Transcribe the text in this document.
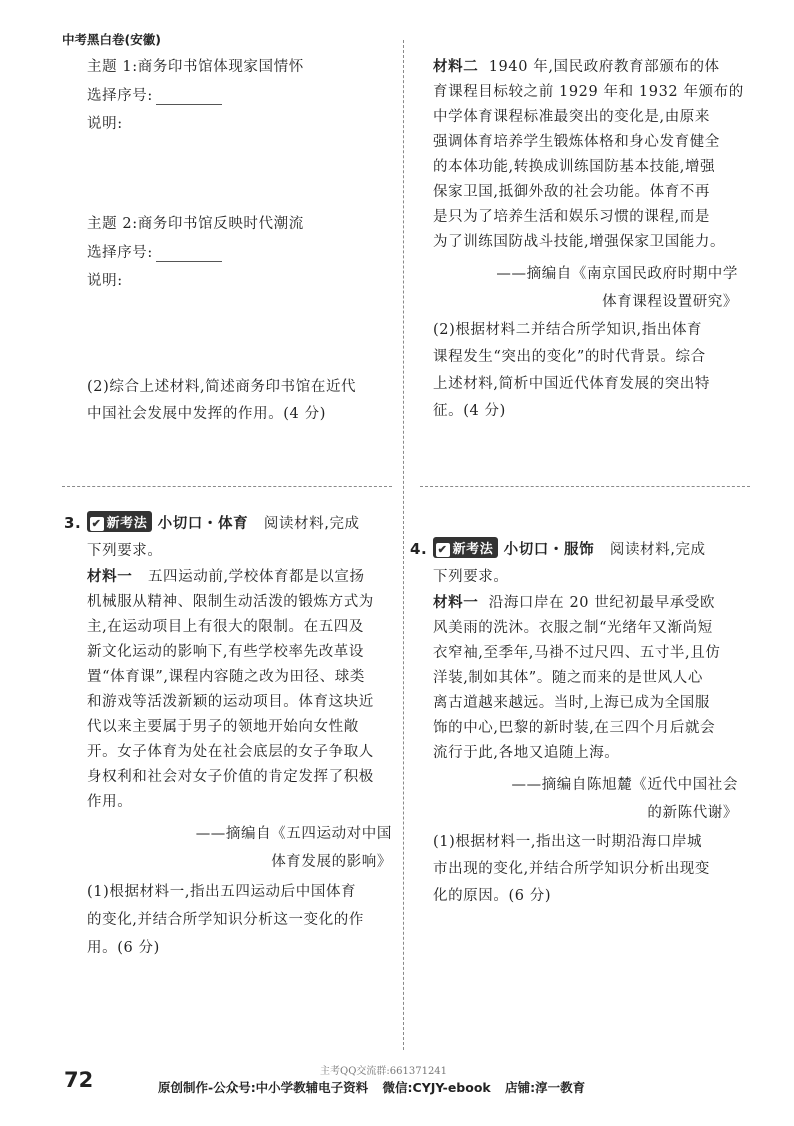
中考黑白卷(安徽)
主题 1:商务印书馆体现家国情怀
选择序号:
说明:
主题 2:商务印书馆反映时代潮流
选择序号:
说明:
(2)综合上述材料,简述商务印书馆在近代
中国社会发展中发挥的作用。(4 分)
材料二 1940 年,国民政府教育部颁布的体
育课程目标较之前 1929 年和 1932 年颁布的
中学体育课程标准最突出的变化是,由原来
强调体育培养学生锻炼体格和身心发育健全
的本体功能,转换成训练国防基本技能,增强
保家卫国,抵御外敌的社会功能。体育不再
是只为了培养生活和娱乐习惯的课程,而是
为了训练国防战斗技能,增强保家卫国能力。
——摘编自《南京国民政府时期中学
体育课程设置研究》
(2)根据材料二并结合所学知识,指出体育
课程发生“突出的变化”的时代背景。综合
上述材料,简析中国近代体育发展的突出特
征。(4 分)
3. ✔ 新考法 小切口・体育 阅读材料,完成
下列要求。
材料一 五四运动前,学校体育都是以宣扬
机械服从精神、限制生动活泼的锻炼方式为
主,在运动项目上有很大的限制。在五四及
新文化运动的影响下,有些学校率先改革设
置“体育课”,课程内容随之改为田径、球类
和游戏等活泼新颖的运动项目。体育这块近
代以来主要属于男子的领地开始向女性敞
开。女子体育为处在社会底层的女子争取人
身权利和社会对女子价值的肯定发挥了积极
作用。
——摘编自《五四运动对中国
体育发展的影响》
(1)根据材料一,指出五四运动后中国体育
的变化,并结合所学知识分析这一变化的作
用。(6 分)
4. ✔ 新考法 小切口・服饰 阅读材料,完成
下列要求。
材料一 沿海口岸在 20 世纪初最早承受欧
风美雨的洗沐。衣服之制“光绪年又渐尚短
衣窄袖,至季年,马褂不过尺四、五寸半,且仿
洋装,制如其体”。随之而来的是世风人心
离古道越来越远。当时,上海已成为全国服
饰的中心,巴黎的新时装,在三四个月后就会
流行于此,各地又追随上海。
——摘编自陈旭麓《近代中国社会
的新陈代谢》
(1)根据材料一,指出这一时期沿海口岸城
市出现的变化,并结合所学知识分析出现变
化的原因。(6 分)
主考QQ交流群:661371241
72	原创制作-公众号:中小学教辅电子资料 微信:CYJY-ebook 店铺:淳一教育
